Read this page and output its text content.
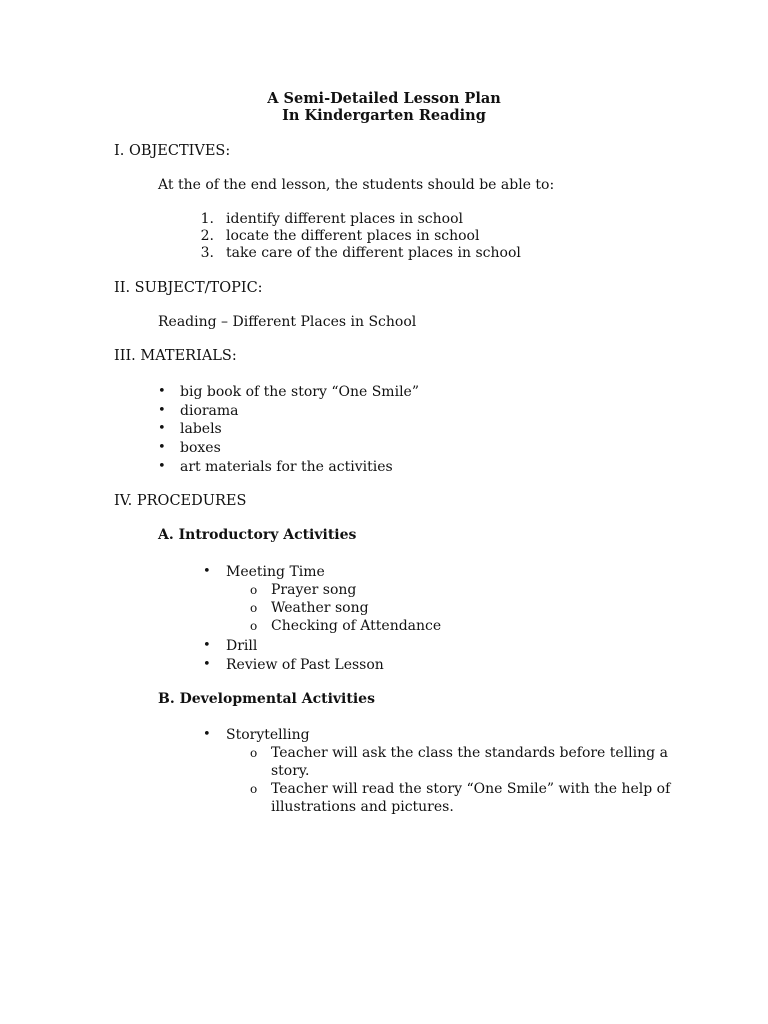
A Semi-Detailed Lesson Plan
In Kindergarten Reading
I. OBJECTIVES:
At the of the end lesson, the students should be able to:
1. identify different places in school
2. locate the different places in school
3. take care of the different places in school
II. SUBJECT/TOPIC:
Reading – Different Places in School
III. MATERIALS:
• big book of the story “One Smile”
• diorama
• labels
• boxes
• art materials for the activities
IV. PROCEDURES
A. Introductory Activities
• Meeting Time
o Prayer song
o Weather song
o Checking of Attendance
• Drill
• Review of Past Lesson
B. Developmental Activities
• Storytelling
o Teacher will ask the class the standards before telling a
story.
o Teacher will read the story “One Smile” with the help of
illustrations and pictures.
